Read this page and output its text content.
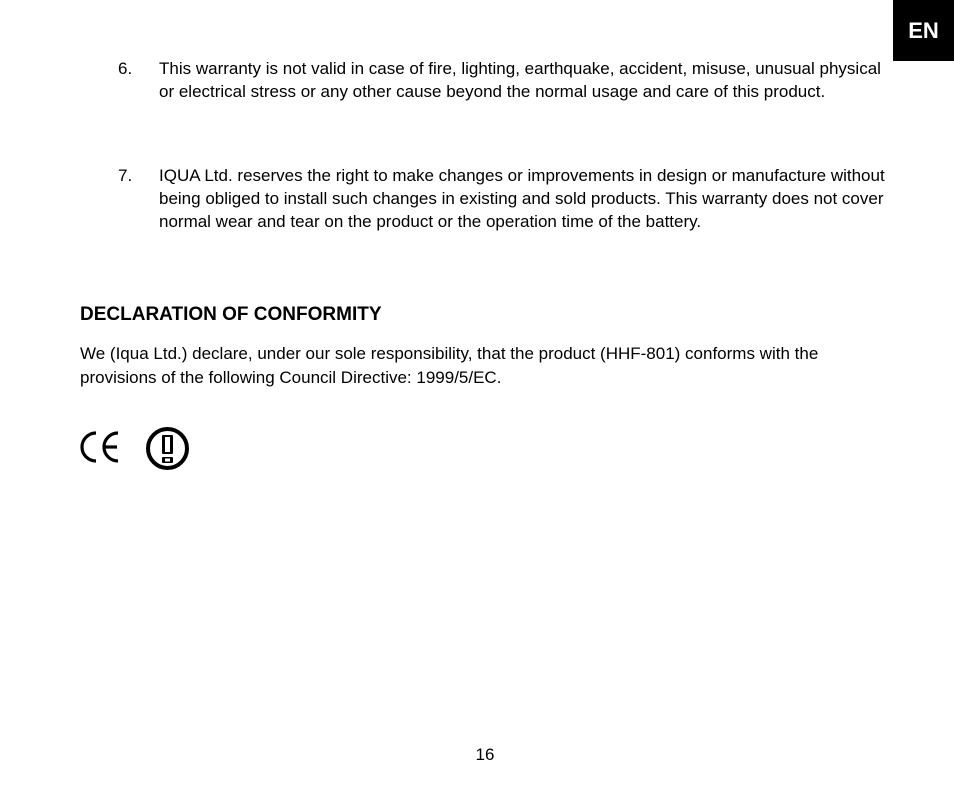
EN
6. This warranty is not valid in case of fire, lighting, earthquake, accident, misuse, unusual physical or electrical stress or any other cause beyond the normal usage and care of this product.
7. IQUA Ltd. reserves the right to make changes or improvements in design or manufacture without being obliged to install such changes in existing and sold products. This warranty does not cover normal wear and tear on the product or the operation time of the battery.
DECLARATION OF CONFORMITY
We (Iqua Ltd.) declare, under our sole responsibility, that the product (HHF-801) conforms with the provisions of the following Council Directive: 1999/5/EC.
16
